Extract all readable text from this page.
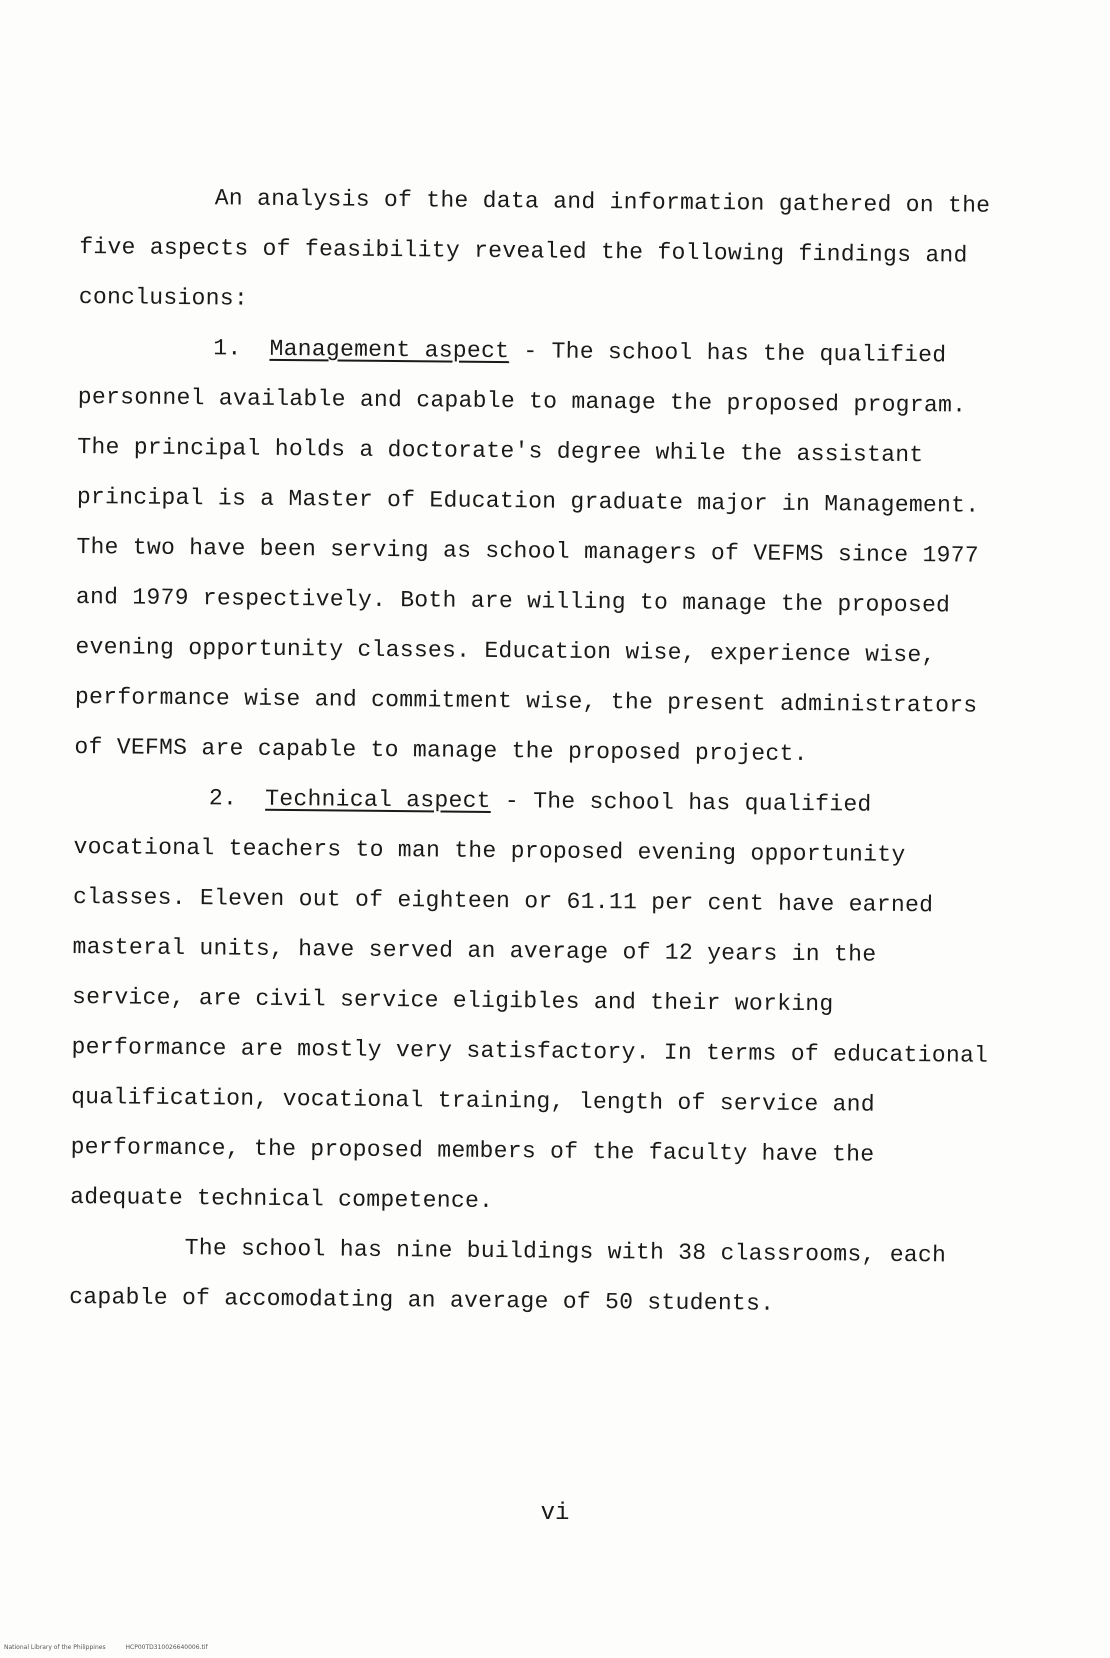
An analysis of the data and information gathered on the five aspects of feasibility revealed the following findings and conclusions:

1. Management aspect - The school has the qualified personnel available and capable to manage the proposed program. The principal holds a doctorate's degree while the assistant principal is a Master of Education graduate major in Management. The two have been serving as school managers of VEFMS since 1977 and 1979 respectively. Both are willing to manage the proposed evening opportunity classes. Education wise, experience wise, performance wise and commitment wise, the present administrators of VEFMS are capable to manage the proposed project.

2. Technical aspect - The school has qualified vocational teachers to man the proposed evening opportunity classes. Eleven out of eighteen or 61.11 per cent have earned masteral units, have served an average of 12 years in the service, are civil service eligibles and their working performance are mostly very satisfactory. In terms of educational qualification, vocational training, length of service and performance, the proposed members of the faculty have the adequate technical competence.

The school has nine buildings with 38 classrooms, each capable of accomodating an average of 50 students.

vi
National Library of the Philippines	HCP00TD310026640006.tif
